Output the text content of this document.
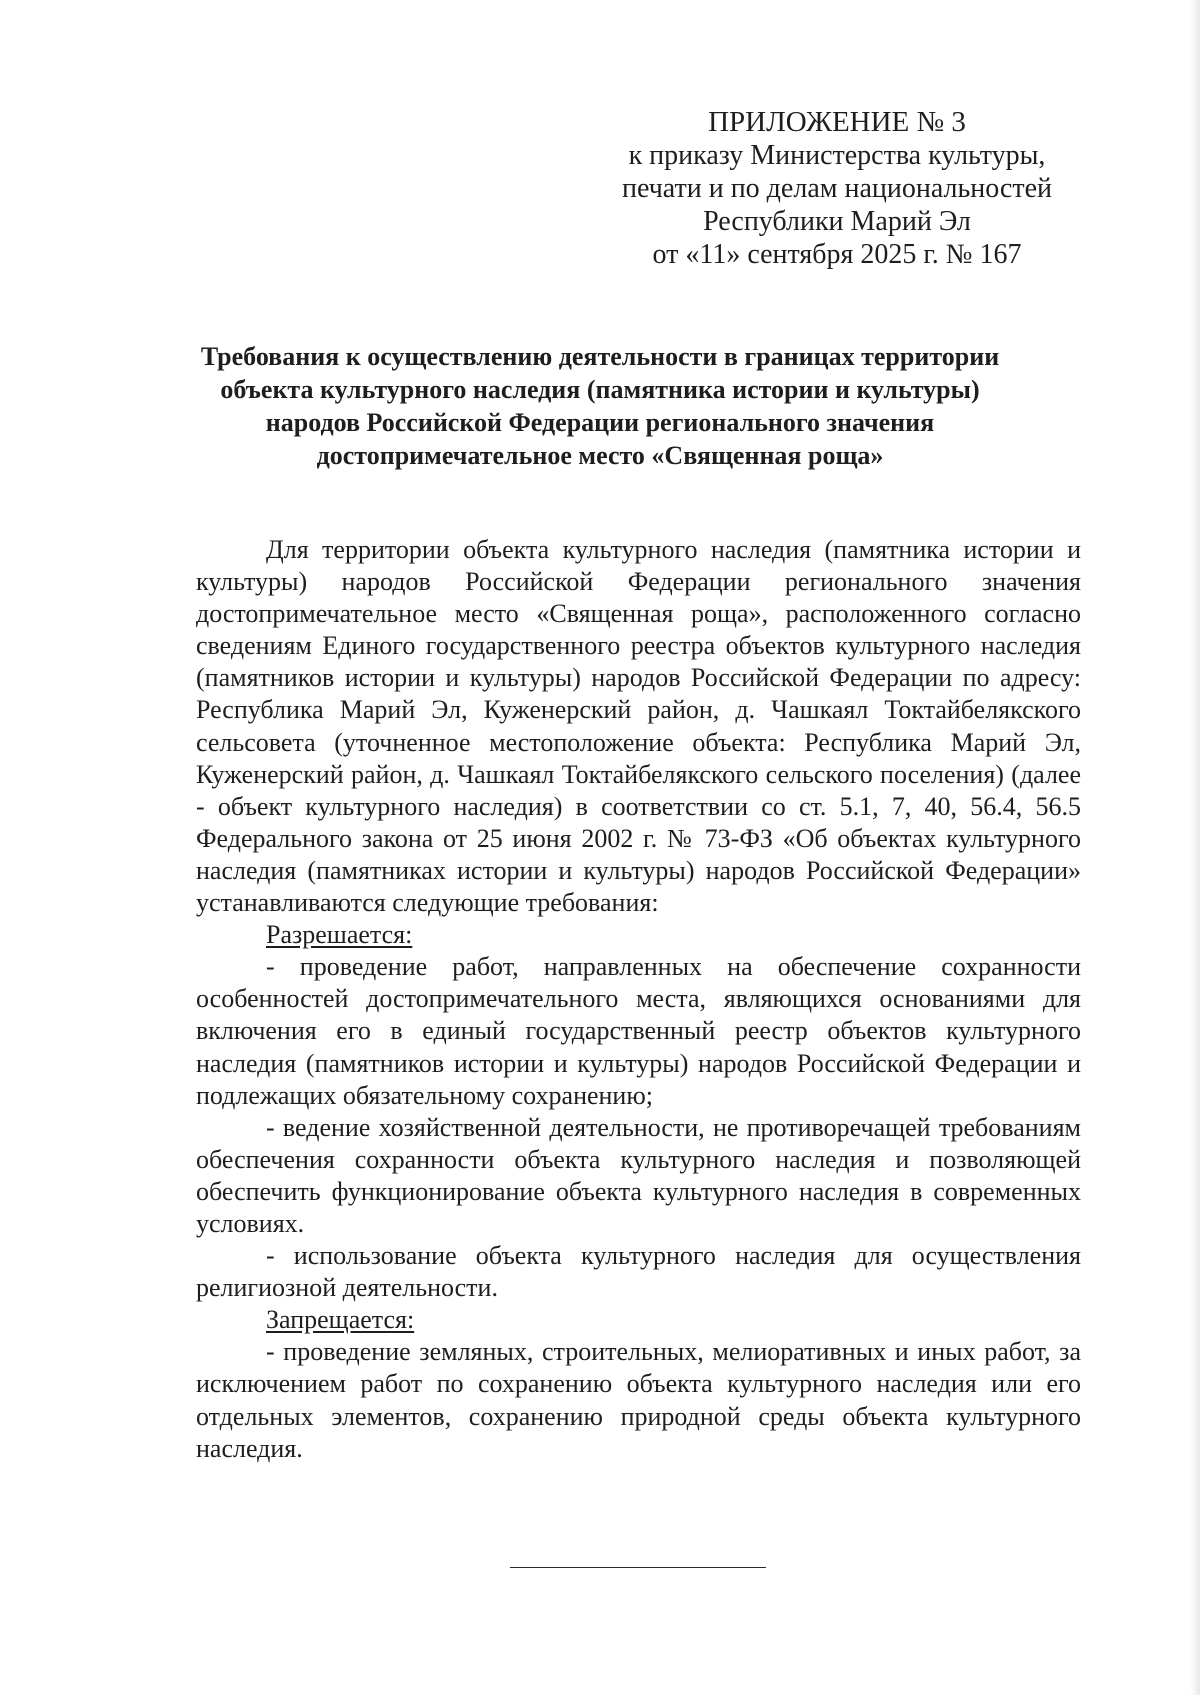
ПРИЛОЖЕНИЕ № 3
к приказу Министерства культуры,
печати и по делам национальностей
Республики Марий Эл
от «11» сентября 2025 г. № 167
Требования к осуществлению деятельности в границах территории
объекта культурного наследия (памятника истории и культуры)
народов Российской Федерации регионального значения
достопримечательное место «Священная роща»

Для территории объекта культурного наследия (памятника истории и культуры) народов Российской Федерации регионального значения достопримечательное место «Священная роща», расположенного согласно сведениям Единого государственного реестра объектов культурного наследия (памятников истории и культуры) народов Российской Федерации по адресу: Республика Марий Эл, Куженерский район, д. Чашкаял Токтайбелякского сельсовета (уточненное местоположение объекта: Республика Марий Эл, Куженерский район, д. Чашкаял Токтайбелякского сельского поселения) (далее - объект культурного наследия) в соответствии со ст. 5.1, 7, 40, 56.4, 56.5 Федерального закона от 25 июня 2002 г. № 73-ФЗ «Об объектах культурного наследия (памятниках истории и культуры) народов Российской Федерации» устанавливаются следующие требования:

Разрешается:

- проведение работ, направленных на обеспечение сохранности особенностей достопримечательного места, являющихся основаниями для включения его в единый государственный реестр объектов культурного наследия (памятников истории и культуры) народов Российской Федерации и подлежащих обязательному сохранению;

- ведение хозяйственной деятельности, не противоречащей требованиям обеспечения сохранности объекта культурного наследия и позволяющей обеспечить функционирование объекта культурного наследия в современных условиях.

- использование объекта культурного наследия для осуществления религиозной деятельности.

Запрещается:

- проведение земляных, строительных, мелиоративных и иных работ, за исключением работ по сохранению объекта культурного наследия или его отдельных элементов, сохранению природной среды объекта культурного наследия.
